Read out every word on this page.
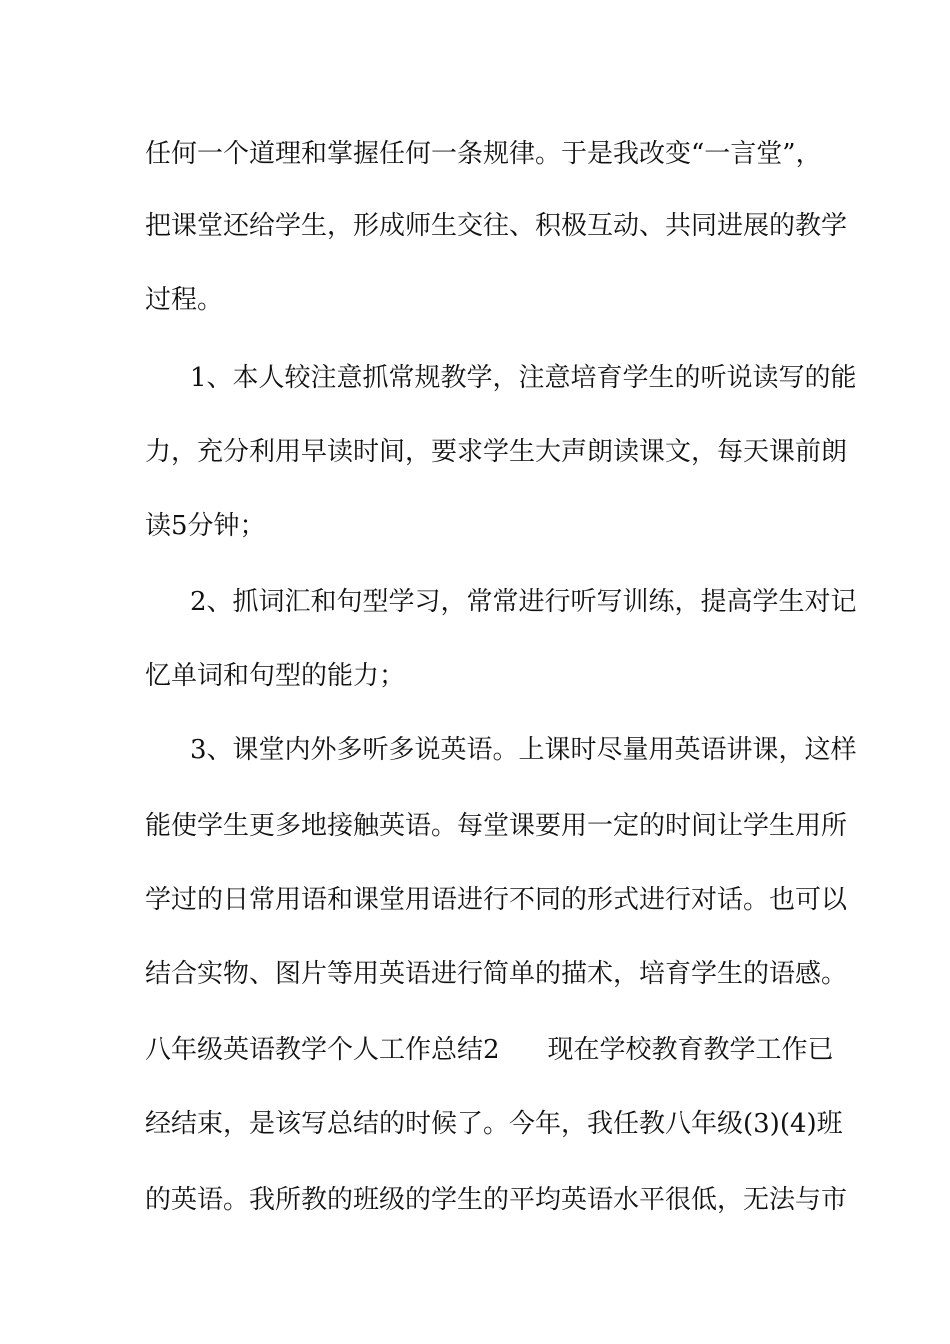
任何一个道理和掌握任何一条规律。于是我改变“一言堂”，
把课堂还给学生，形成师生交往、积极互动、共同进展的教学
过程。
1、本人较注意抓常规教学，注意培育学生的听说读写的能
力，充分利用早读时间，要求学生大声朗读课文，每天课前朗
读5分钟；
2、抓词汇和句型学习，常常进行听写训练，提高学生对记
忆单词和句型的能力；
3、课堂内外多听多说英语。上课时尽量用英语讲课，这样
能使学生更多地接触英语。每堂课要用一定的时间让学生用所
学过的日常用语和课堂用语进行不同的形式进行对话。也可以
结合实物、图片等用英语进行简单的描术，培育学生的语感。
八年级英语教学个人工作总结2 现在学校教育教学工作已
经结束，是该写总结的时候了。今年，我任教八年级(3)(4)班
的英语。我所教的班级的学生的平均英语水平很低，无法与市
